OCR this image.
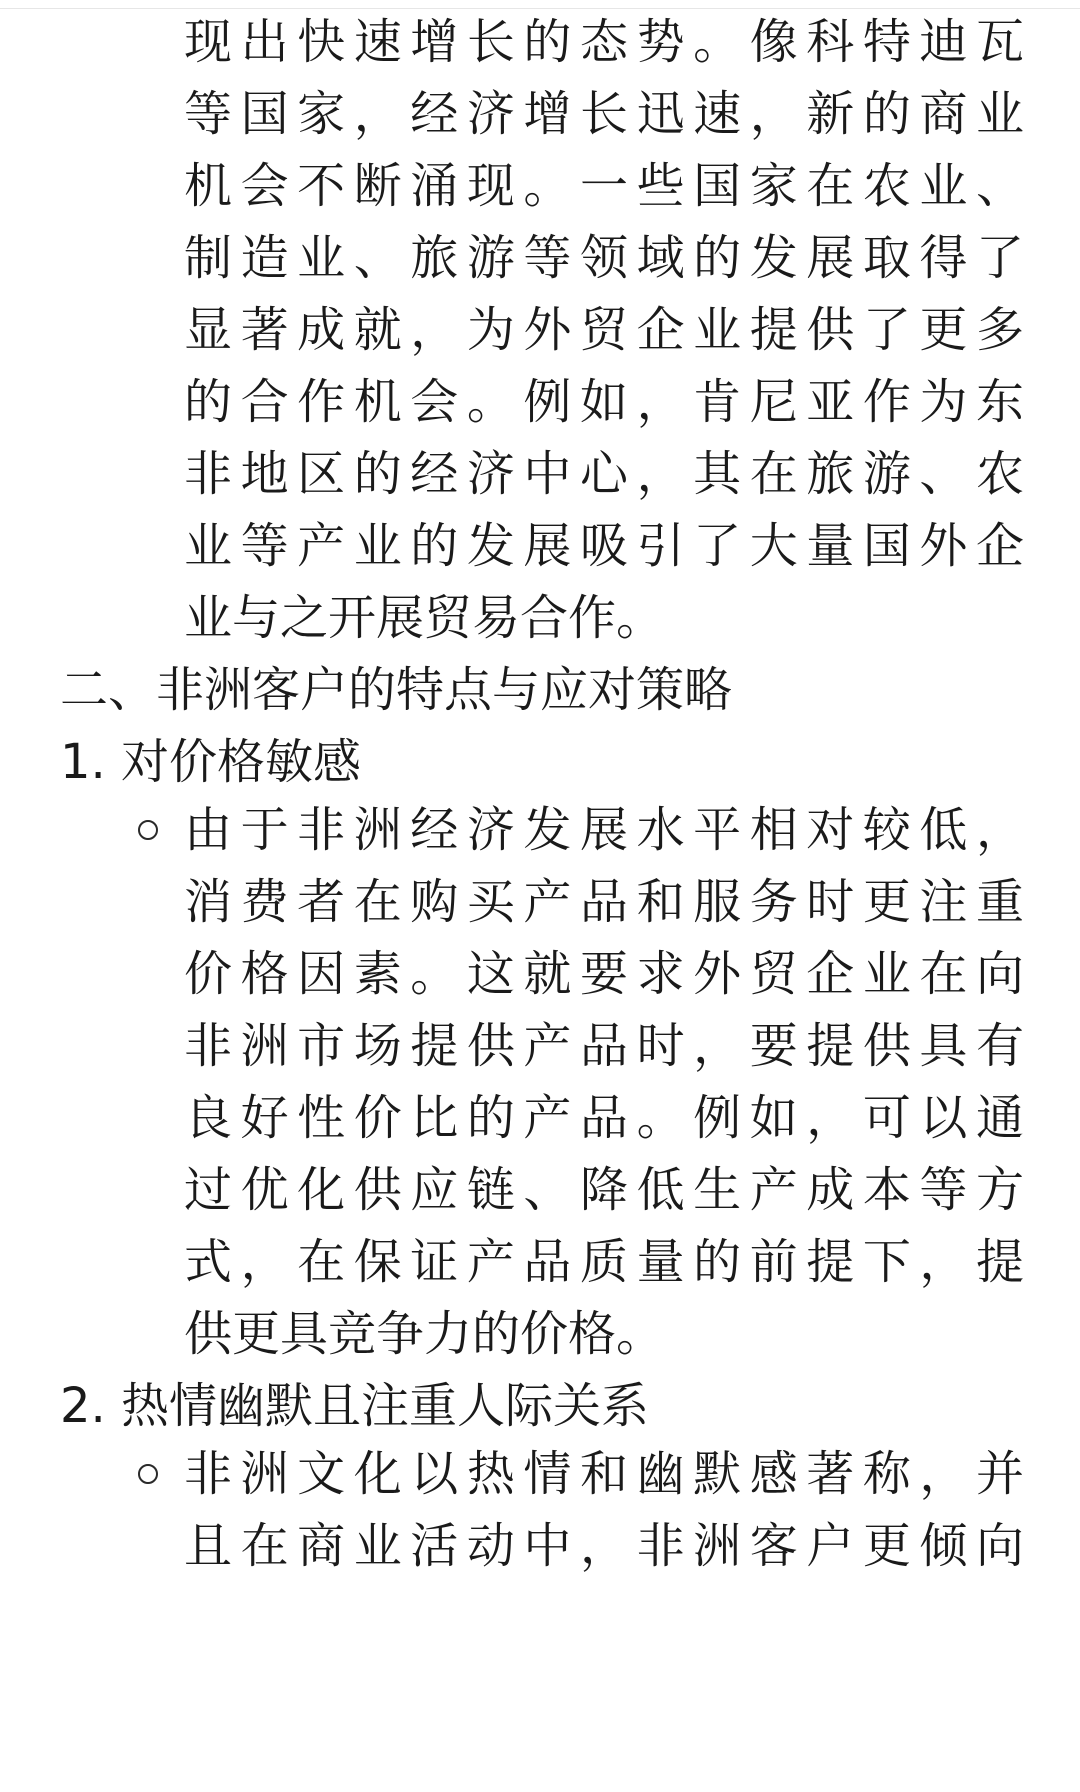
现出快速增长的态势。像科特迪瓦
等国家，经济增长迅速，新的商业
机会不断涌现。一些国家在农业、
制造业、旅游等领域的发展取得了
显著成就，为外贸企业提供了更多
的合作机会。例如，肯尼亚作为东
非地区的经济中心，其在旅游、农
业等产业的发展吸引了大量国外企
业与之开展贸易合作。
二、非洲客户的特点与应对策略
1. 对价格敏感
由于非洲经济发展水平相对较低，
消费者在购买产品和服务时更注重
价格因素。这就要求外贸企业在向
非洲市场提供产品时，要提供具有
良好性价比的产品。例如，可以通
过优化供应链、降低生产成本等方
式，在保证产品质量的前提下，提
供更具竞争力的价格。
2. 热情幽默且注重人际关系
非洲文化以热情和幽默感著称，并
且在商业活动中，非洲客户更倾向
